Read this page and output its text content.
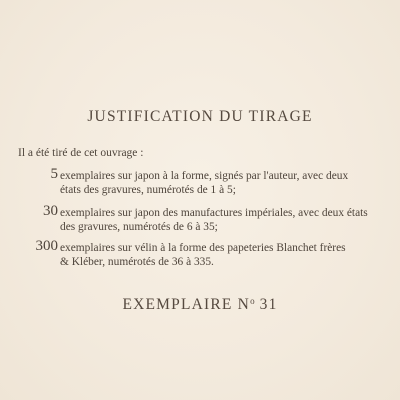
JUSTIFICATION DU TIRAGE
Il a été tiré de cet ouvrage :
5 exemplaires sur japon à la forme, signés par l'auteur, avec deux
états des gravures, numérotés de 1 à 5;
30 exemplaires sur japon des manufactures impériales, avec deux états
des gravures, numérotés de 6 à 35;
300 exemplaires sur vélin à la forme des papeteries Blanchet frères
& Kléber, numérotés de 36 à 335.
EXEMPLAIRE $N^o$ 31
